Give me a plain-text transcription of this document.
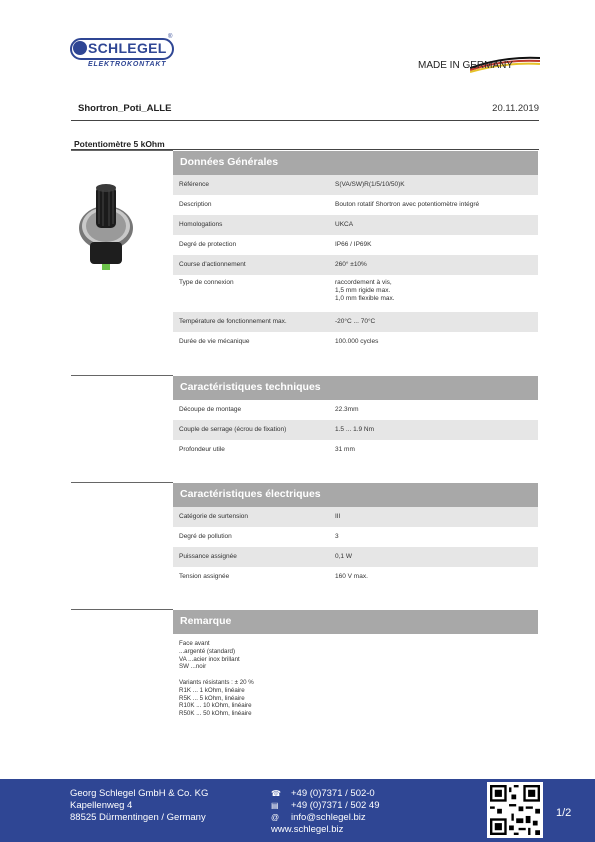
SCHLEGEL
®
ELEKTROKONTAKT	MADE IN GERMANY
Shortron_Poti_ALLE	20.11.2019
Potentiomètre 5 kOhm
Données Générales
Référence	S(VA/SW)R(1/5/10/50)K
Description	Bouton rotatif Shortron avec potentiomètre intégré
Homologations	UKCA
Degré de protection	IP66 / IP69K
Course d'actionnement	260° ±10%
Type de connexion	raccordement à vis,
1,5 mm rigide max.
1,0 mm flexible max.
Température de fonctionnement max.	-20°C ... 70°C
Durée de vie mécanique	100.000 cycles
Caractéristiques techniques
Découpe de montage	22.3mm
Couple de serrage (écrou de fixation)	1.5 ... 1.9 Nm
Profondeur utile	31 mm
Caractéristiques électriques
Catégorie de surtension	III
Degré de pollution	3
Puissance assignée	0,1 W
Tension assignée	160 V max.
Remarque
Face avant
...argenté (standard)
VA ...acier inox brillant
SW ...noir

Variants résistants : ± 20 %
R1K ... 1 kOhm, linéaire
R5K ... 5 kOhm, linéaire
R10K ... 10 kOhm, linéaire
R50K ... 50 kOhm, linéaire
Georg Schlegel GmbH & Co. KG
Kapellenweg 4
88525 Dürmentingen / Germany
☎	+49 (0)7371 / 502-0
▤	+49 (0)7371 / 502 49
@	info@schlegel.biz
www.schlegel.biz
1/2
